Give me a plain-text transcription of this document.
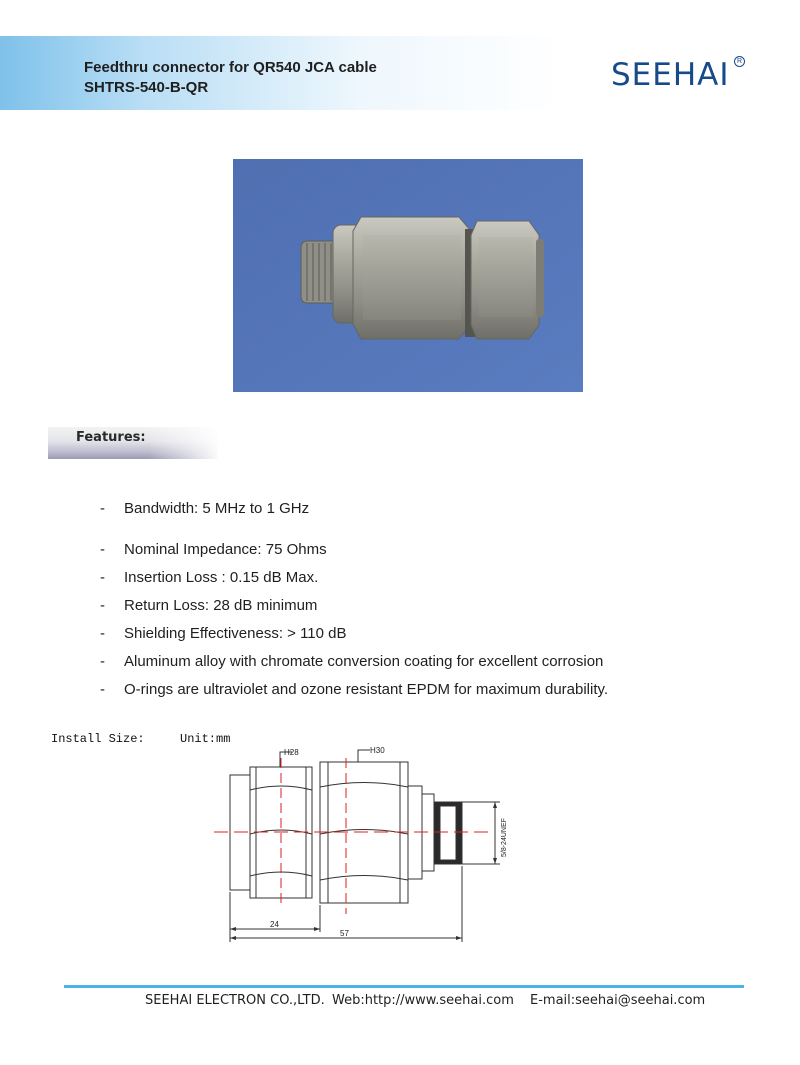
Feedthru connector for QR540 JCA cable
SHTRS-540-B-QR	SEEHAI	R
Features:
- Bandwidth: 5 MHz to 1 GHz
- Nominal Impedance: 75 Ohms
- Insertion Loss : 0.15 dB Max.
- Return Loss: 28 dB minimum
- Shielding Effectiveness: > 110 dB
- Aluminum alloy with chromate conversion coating for excellent corrosion
- O-rings are ultraviolet and ozone resistant EPDM for maximum durability.
Install Size:	Unit:mm
H28	H30
24
57
5/8-24UNEF
SEEHAI ELECTRON CO.,LTD. Web:http://www.seehai.com E-mail:seehai@seehai.com
